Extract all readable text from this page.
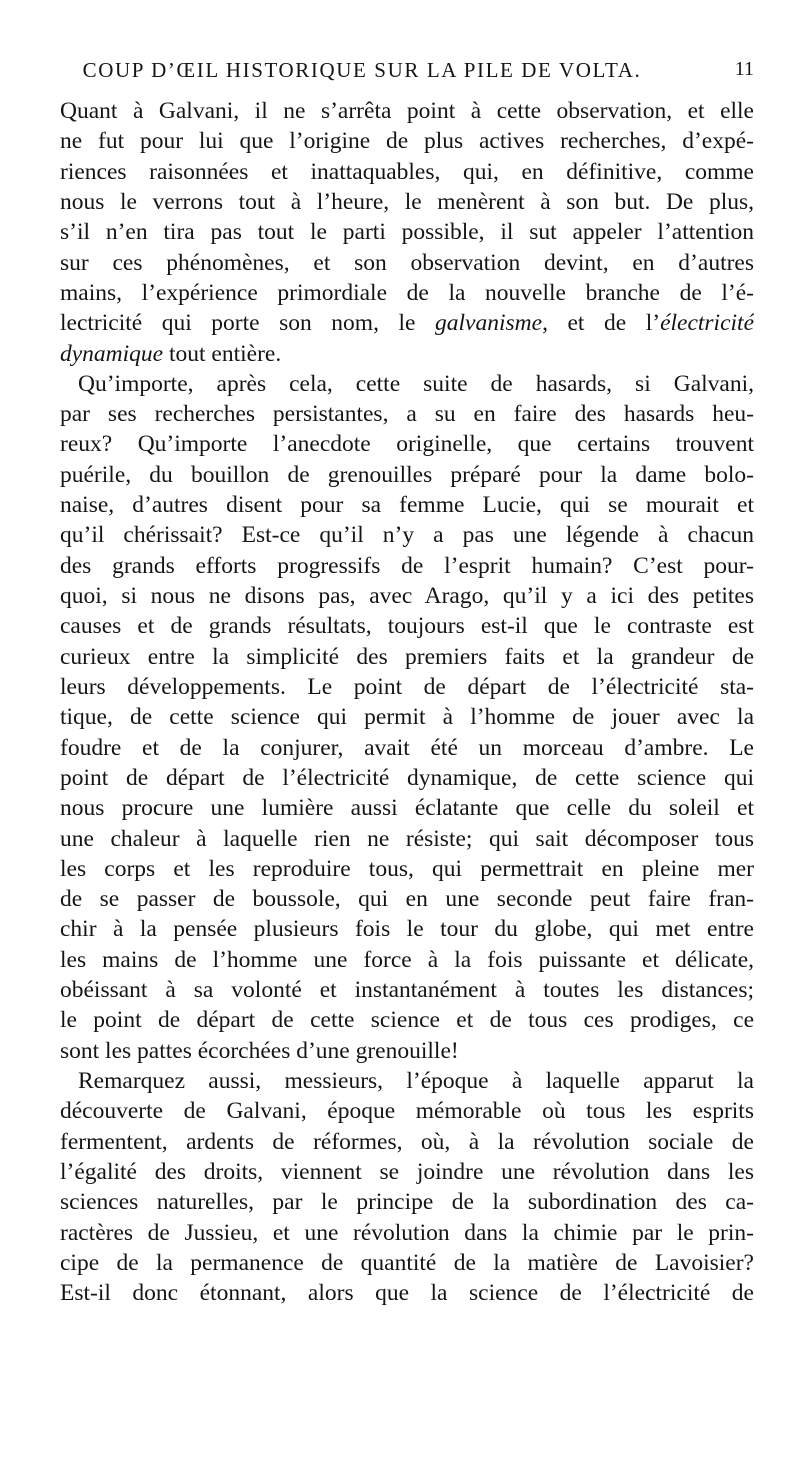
COUP D’ŒIL HISTORIQUE SUR LA PILE DE VOLTA.	11
Quant à Galvani, il ne s’arrêta point à cette observation, et elle
ne fut pour lui que l’origine de plus actives recherches, d’expé-
riences raisonnées et inattaquables, qui, en définitive, comme
nous le verrons tout à l’heure, le menèrent à son but. De plus,
s’il n’en tira pas tout le parti possible, il sut appeler l’attention
sur ces phénomènes, et son observation devint, en d’autres
mains, l’expérience primordiale de la nouvelle branche de l’é-
lectricité qui porte son nom, le galvanisme, et de l’électricité
dynamique tout entière.
Qu’importe, après cela, cette suite de hasards, si Galvani,
par ses recherches persistantes, a su en faire des hasards heu-
reux? Qu’importe l’anecdote originelle, que certains trouvent
puérile, du bouillon de grenouilles préparé pour la dame bolo-
naise, d’autres disent pour sa femme Lucie, qui se mourait et
qu’il chérissait? Est-ce qu’il n’y a pas une légende à chacun
des grands efforts progressifs de l’esprit humain? C’est pour-
quoi, si nous ne disons pas, avec Arago, qu’il y a ici des petites
causes et de grands résultats, toujours est-il que le contraste est
curieux entre la simplicité des premiers faits et la grandeur de
leurs développements. Le point de départ de l’électricité sta-
tique, de cette science qui permit à l’homme de jouer avec la
foudre et de la conjurer, avait été un morceau d’ambre. Le
point de départ de l’électricité dynamique, de cette science qui
nous procure une lumière aussi éclatante que celle du soleil et
une chaleur à laquelle rien ne résiste; qui sait décomposer tous
les corps et les reproduire tous, qui permettrait en pleine mer
de se passer de boussole, qui en une seconde peut faire fran-
chir à la pensée plusieurs fois le tour du globe, qui met entre
les mains de l’homme une force à la fois puissante et délicate,
obéissant à sa volonté et instantanément à toutes les distances;
le point de départ de cette science et de tous ces prodiges, ce
sont les pattes écorchées d’une grenouille!
Remarquez aussi, messieurs, l’époque à laquelle apparut la
découverte de Galvani, époque mémorable où tous les esprits
fermentent, ardents de réformes, où, à la révolution sociale de
l’égalité des droits, viennent se joindre une révolution dans les
sciences naturelles, par le principe de la subordination des ca-
ractères de Jussieu, et une révolution dans la chimie par le prin-
cipe de la permanence de quantité de la matière de Lavoisier?
Est-il donc étonnant, alors que la science de l’électricité de
